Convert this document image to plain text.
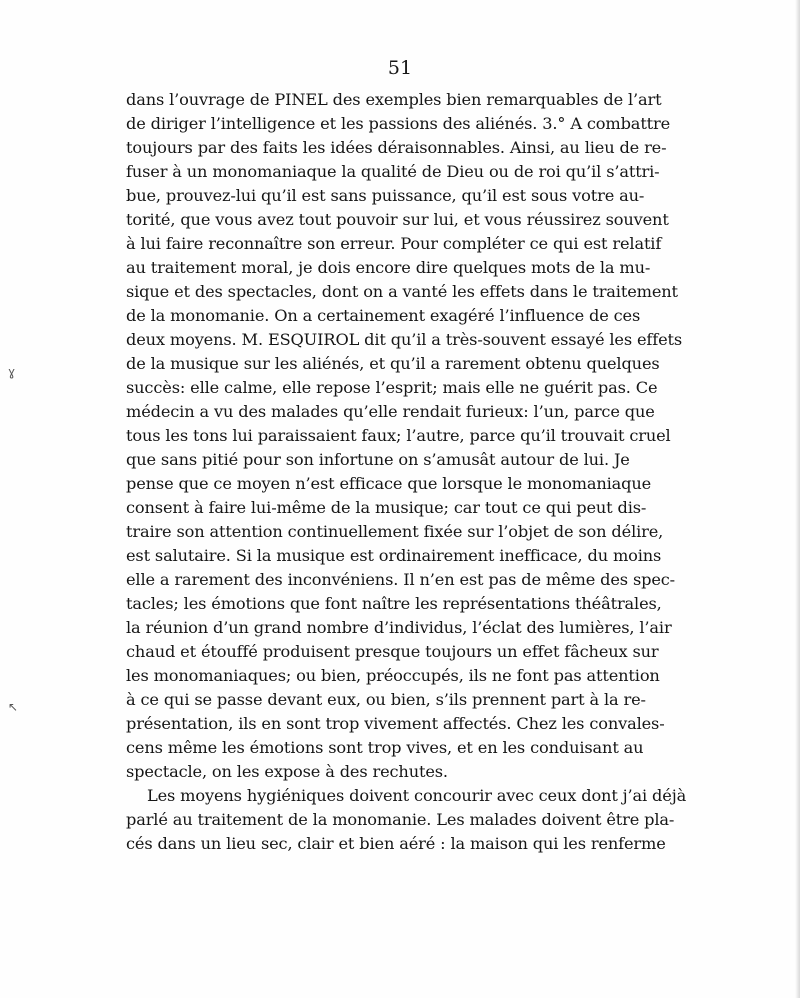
51
dans l’ouvrage de PINEL des exemples bien remarquables de l’art
de diriger l’intelligence et les passions des aliénés. 3.° A combattre
toujours par des faits les idées déraisonnables. Ainsi, au lieu de re-
fuser à un monomaniaque la qualité de Dieu ou de roi qu’il s’attri-
bue, prouvez-lui qu’il est sans puissance, qu’il est sous votre au-
torité, que vous avez tout pouvoir sur lui, et vous réussirez souvent
à lui faire reconnaître son erreur. Pour compléter ce qui est relatif
au traitement moral, je dois encore dire quelques mots de la mu-
sique et des spectacles, dont on a vanté les effets dans le traitement
de la monomanie. On a certainement exagéré l’influence de ces
deux moyens. M. ESQUIROL dit qu’il a très-souvent essayé les effets
de la musique sur les aliénés, et qu’il a rarement obtenu quelques
succès: elle calme, elle repose l’esprit; mais elle ne guérit pas. Ce
médecin a vu des malades qu’elle rendait furieux: l’un, parce que
tous les tons lui paraissaient faux; l’autre, parce qu’il trouvait cruel
que sans pitié pour son infortune on s’amusât autour de lui. Je
pense que ce moyen n’est efficace que lorsque le monomaniaque
consent à faire lui-même de la musique; car tout ce qui peut dis-
traire son attention continuellement fixée sur l’objet de son délire,
est salutaire. Si la musique est ordinairement inefficace, du moins
elle a rarement des inconvéniens. Il n’en est pas de même des spec-
tacles; les émotions que font naître les représentations théâtrales,
la réunion d’un grand nombre d’individus, l’éclat des lumières, l’air
chaud et étouffé produisent presque toujours un effet fâcheux sur
les monomaniaques; ou bien, préoccupés, ils ne font pas attention
à ce qui se passe devant eux, ou bien, s’ils prennent part à la re-
présentation, ils en sont trop vivement affectés. Chez les convales-
cens même les émotions sont trop vives, et en les conduisant au
spectacle, on les expose à des rechutes.
Les moyens hygiéniques doivent concourir avec ceux dont j’ai déjà
parlé au traitement de la monomanie. Les malades doivent être pla-
cés dans un lieu sec, clair et bien aéré : la maison qui les renferme
ɣ
↖
